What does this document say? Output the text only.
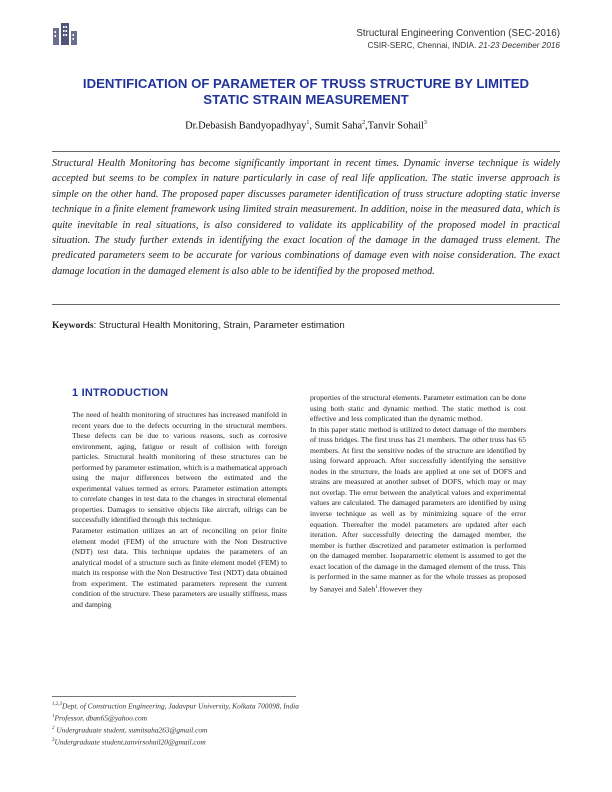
Structural Engineering Convention (SEC-2016)
CSIR-SERC, Chennai, INDIA. 21-23 December 2016
IDENTIFICATION OF PARAMETER OF TRUSS STRUCTURE BY LIMITED
STATIC STRAIN MEASUREMENT
Dr.Debasish Bandyopadhyay$^1$, Sumit Saha$^2$,Tanvir Sohail$^3$
Structural Health Monitoring has become significantly important in recent times. Dynamic inverse technique is widely accepted but seems to be complex in nature particularly in case of real life application. The static inverse approach is simple on the other hand. The proposed paper discusses parameter identification of truss structure adopting static inverse technique in a finite element framework using limited strain measurement. In addition, noise in the measured data, which is quite inevitable in real situations, is also considered to validate its applicability of the proposed model in practical situation. The study further extends in identifying the exact location of the damage in the damaged truss element. The predicated parameters seem to be accurate for various combinations of damage even with noise consideration. The exact damage location in the damaged element is also able to be identified by the proposed method.
Keywords: Structural Health Monitoring, Strain, Parameter estimation
1 INTRODUCTION

The need of health monitoring of structures has increased manifold in recent years due to the defects occurring in the structural members. These defects can be due to various reasons, such as corrosive environment, aging, fatigue or result of collision with foreign particles. Structural health monitoring of these structures can be performed by parameter estimation, which is a mathematical approach using the major differences between the estimated and the experimental values termed as errors. Parameter estimation attempts to correlate changes in test data to the changes in structural elemental properties. Damages to sensitive objects like aircraft, oilrigs can be successfully identified through this technique.

Parameter estimation utilizes an art of reconciling on prior finite element model (FEM) of the structure with the Non Destructive (NDT) test data. This technique updates the parameters of an analytical model of a structure such as finite element model (FEM) to match its response with the Non Destructive Test (NDT) data obtained from experiment. The estimated parameters represent the current condition of the structure. These parameters are usually stiffness, mass and damping

properties of the structural elements. Parameter estimation can be done using both static and dynamic method. The static method is cost effective and less complicated than the dynamic method.

In this paper static method is utilized to detect damage of the members of truss bridges. The first truss has 21 members. The other truss has 65 members. At first the sensitive nodes of the structure are identified by using forward approach. After successfully identifying the sensitive nodes in the structure, the loads are applied at one set of DOFS and strains are measured at another subset of DOFS, which may or may not overlap. The error between the analytical values and experimental values are calculated. The damaged parameters are identified by using inverse technique as well as by minimizing square of the error equation. Thereafter the model parameters are updated after each iteration. After successfully detecting the damaged member, the member is further discretized and parameter estimation is performed on the damaged member. Isoparametric element is assumed to get the exact location of the damage in the damaged element of the truss. This is performed in the same manner as for the whole trusses as proposed by Sanayei and Saleh$^1$.However they

$^{1,2,3}$Dept. of Construction Engineering, Jadavpur University, Kolkata 700098, India

$^1$Professor, dban65@yahoo.com

$^2$ Undergraduate student, sumitsaha263@gmail.com

$^3$Undergraduate student,tanvirsohail20@gmail.com
